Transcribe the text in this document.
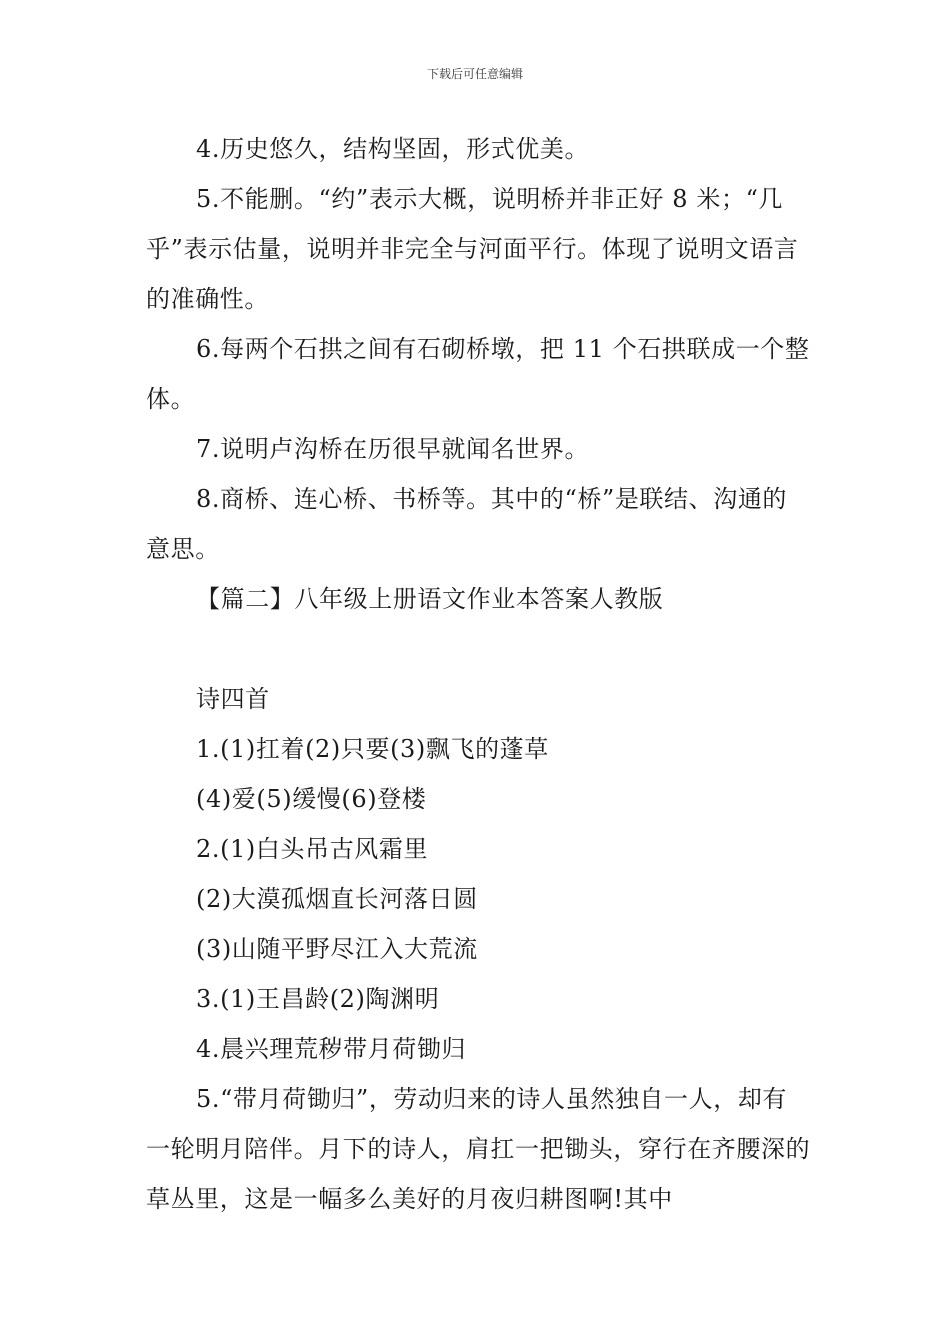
下载后可任意编辑

4.历史悠久，结构坚固，形式优美。

5.不能删。“约”表示大概，说明桥并非正好 8 米；“几乎”表示估量，说明并非完全与河面平行。体现了说明文语言的准确性。

6.每两个石拱之间有石砌桥墩，把 11 个石拱联成一个整体。

7.说明卢沟桥在历很早就闻名世界。

8.商桥、连心桥、书桥等。其中的“桥”是联结、沟通的意思。

【篇二】八年级上册语文作业本答案人教版

诗四首

1.(1)扛着(2)只要(3)飘飞的蓬草

(4)爱(5)缓慢(6)登楼

2.(1)白头吊古风霜里

(2)大漠孤烟直长河落日圆

(3)山随平野尽江入大荒流

3.(1)王昌龄(2)陶渊明

4.晨兴理荒秽带月荷锄归

5.“带月荷锄归”，劳动归来的诗人虽然独自一人，却有一轮明月陪伴。月下的诗人，肩扛一把锄头，穿行在齐腰深的草丛里，这是一幅多么美好的月夜归耕图啊!其中
